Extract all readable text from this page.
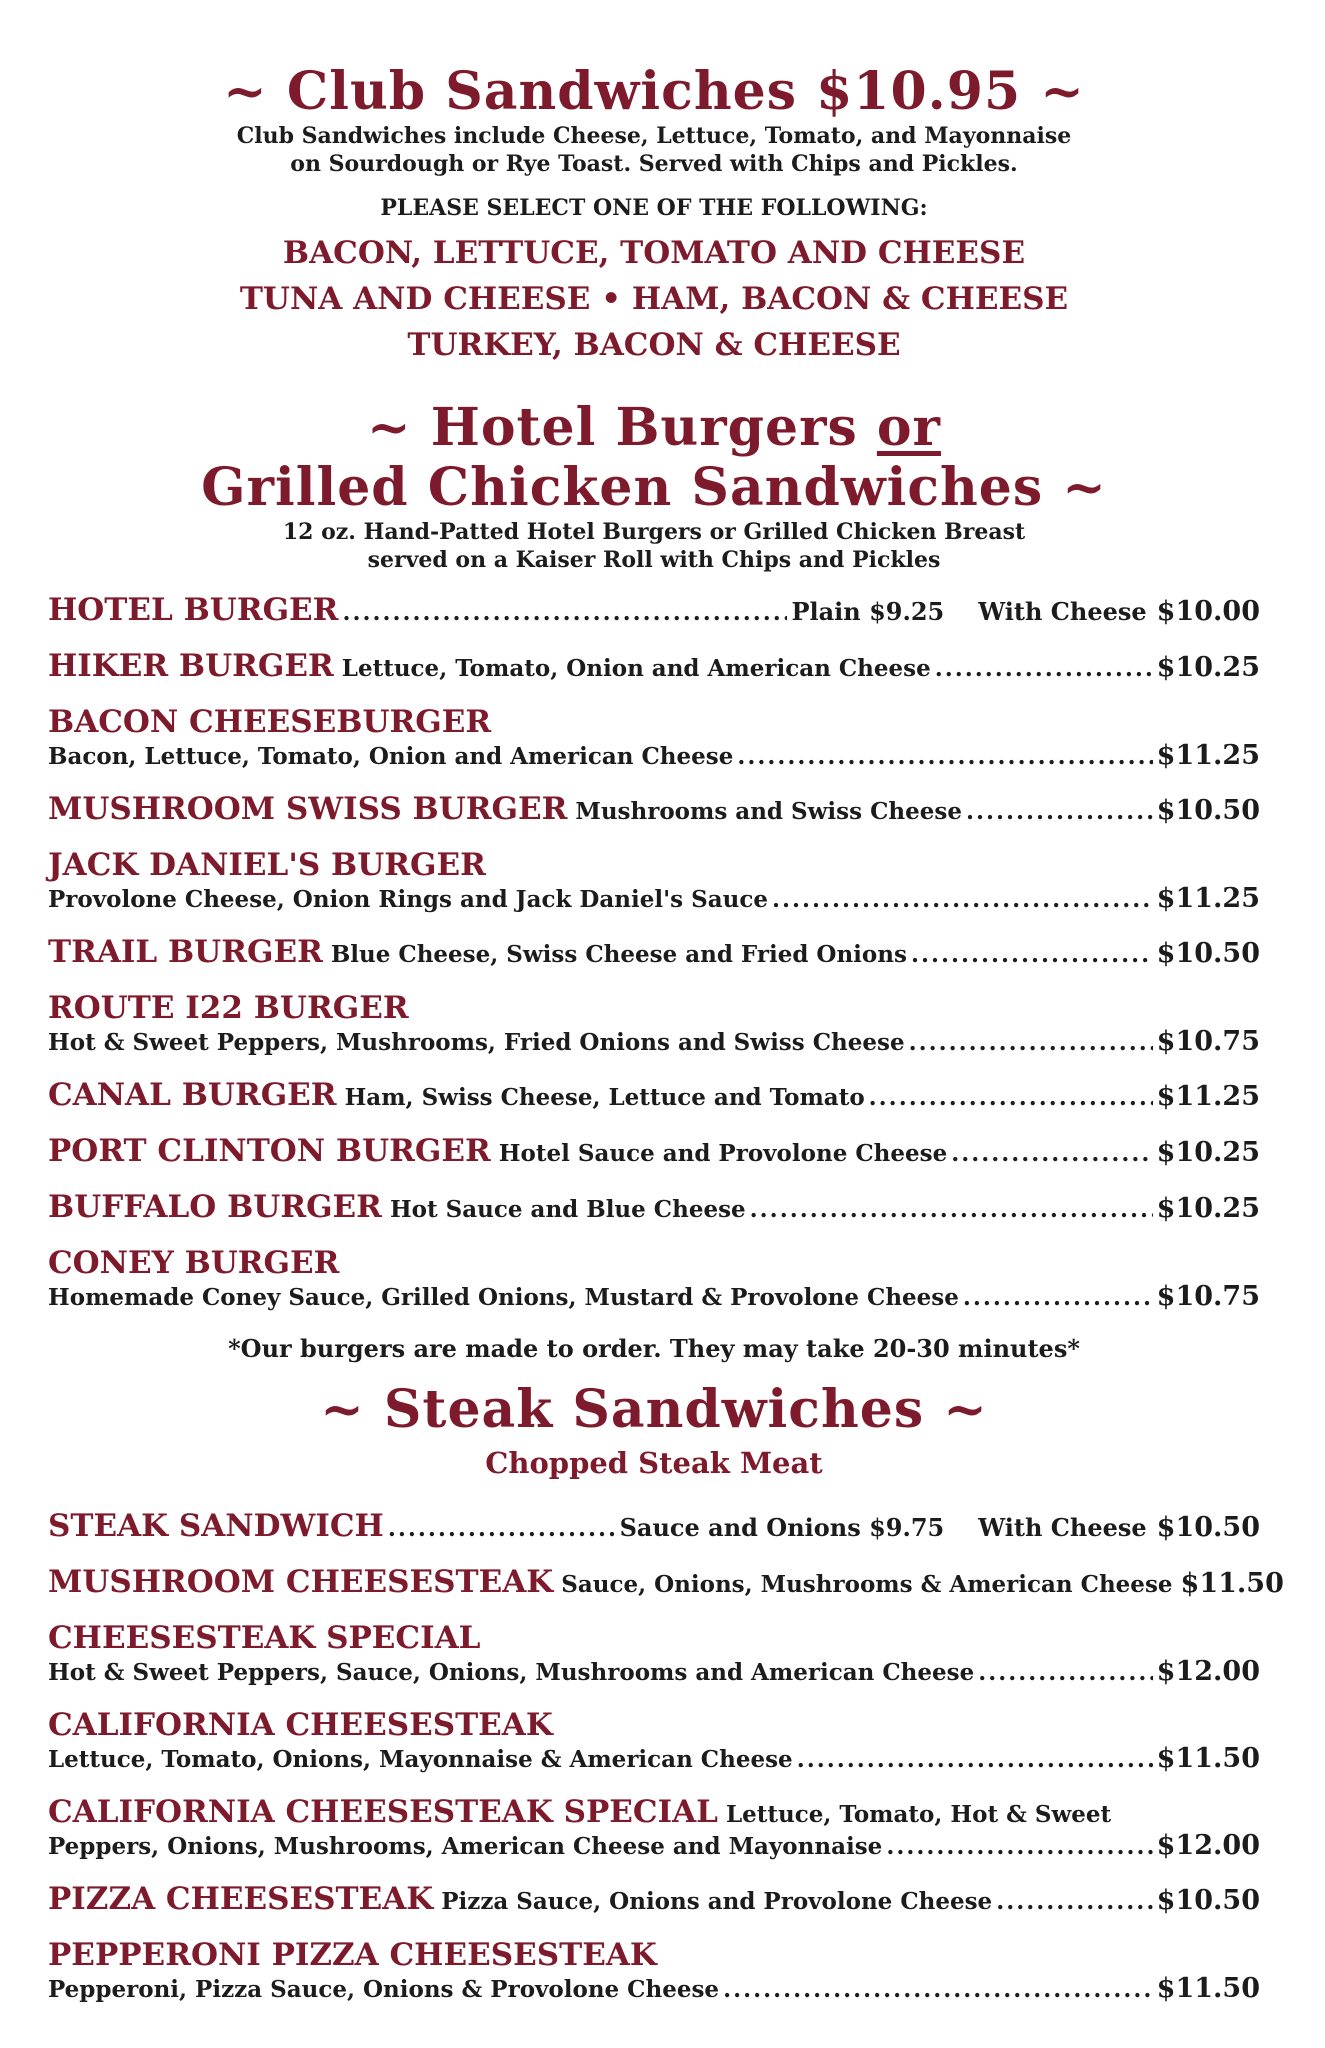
~ Club Sandwiches $10.95 ~
Club Sandwiches include Cheese, Lettuce, Tomato, and Mayonnaise
on Sourdough or Rye Toast. Served with Chips and Pickles.
PLEASE SELECT ONE OF THE FOLLOWING:
BACON, LETTUCE, TOMATO AND CHEESE
TUNA AND CHEESE • HAM, BACON & CHEESE
TURKEY, BACON & CHEESE
~ Hotel Burgers or
Grilled Chicken Sandwiches ~
12 oz. Hand-Patted Hotel Burgers or Grilled Chicken Breast
served on a Kaiser Roll with Chips and Pickles
HOTEL BURGER .....	Plain $9.25 With Cheese $10.00
HIKER BURGER Lettuce, Tomato, Onion and American Cheese .....	$10.25
BACON CHEESEBURGER
Bacon, Lettuce, Tomato, Onion and American Cheese .....	$11.25
MUSHROOM SWISS BURGER Mushrooms and Swiss Cheese .....	$10.50
JACK DANIEL'S BURGER
Provolone Cheese, Onion Rings and Jack Daniel's Sauce .....	$11.25
TRAIL BURGER Blue Cheese, Swiss Cheese and Fried Onions .....	$10.50
ROUTE I22 BURGER
Hot & Sweet Peppers, Mushrooms, Fried Onions and Swiss Cheese .....	$10.75
CANAL BURGER Ham, Swiss Cheese, Lettuce and Tomato .....	$11.25
PORT CLINTON BURGER Hotel Sauce and Provolone Cheese .....	$10.25
BUFFALO BURGER Hot Sauce and Blue Cheese .....	$10.25
CONEY BURGER
Homemade Coney Sauce, Grilled Onions, Mustard & Provolone Cheese .....	$10.75
*Our burgers are made to order. They may take 20-30 minutes*
~ Steak Sandwiches ~
Chopped Steak Meat
STEAK SANDWICH .....	Sauce and Onions $9.75 With Cheese $10.50
MUSHROOM CHEESESTEAK Sauce, Onions, Mushrooms & American Cheese $11.50
CHEESESTEAK SPECIAL
Hot & Sweet Peppers, Sauce, Onions, Mushrooms and American Cheese .....	$12.00
CALIFORNIA CHEESESTEAK
Lettuce, Tomato, Onions, Mayonnaise & American Cheese .....	$11.50
CALIFORNIA CHEESESTEAK SPECIAL Lettuce, Tomato, Hot & Sweet
Peppers, Onions, Mushrooms, American Cheese and Mayonnaise .....	$12.00
PIZZA CHEESESTEAK Pizza Sauce, Onions and Provolone Cheese .....	$10.50
PEPPERONI PIZZA CHEESESTEAK
Pepperoni, Pizza Sauce, Onions & Provolone Cheese .....	$11.50
